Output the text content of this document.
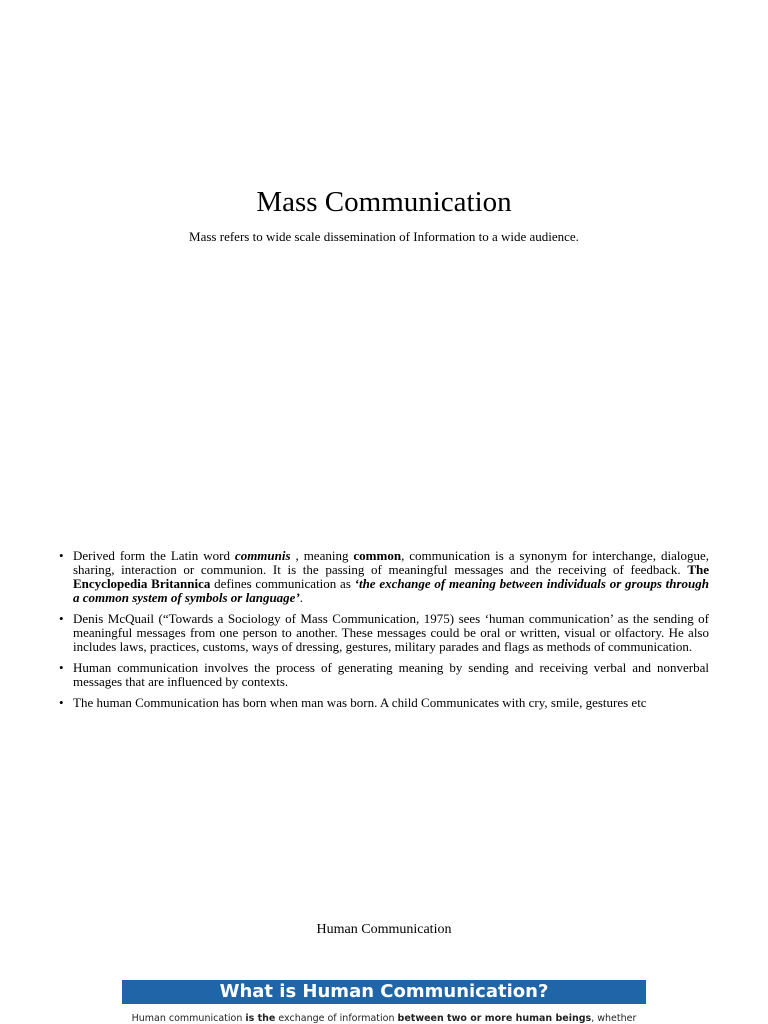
Mass Communication
Mass refers to wide scale dissemination of Information to a wide audience.
• Derived form the Latin word communis , meaning common, communication is a synonym for interchange, dialogue, sharing, interaction or communion. It is the passing of meaningful messages and the receiving of feedback. The Encyclopedia Britannica defines communication as ‘the exchange of meaning between individuals or groups through a common system of symbols or language’.
• Denis McQuail (“Towards a Sociology of Mass Communication, 1975) sees ‘human communication’ as the sending of meaningful messages from one person to another. These messages could be oral or written, visual or olfactory. He also includes laws, practices, customs, ways of dressing, gestures, military parades and flags as methods of communication.
• Human communication involves the process of generating meaning by sending and receiving verbal and nonverbal messages that are influenced by contexts.
• The human Communication has born when man was born. A child Communicates with cry, smile, gestures etc
Human Communication
What is Human Communication?
Human communication is the exchange of information between two or more human beings, whether
